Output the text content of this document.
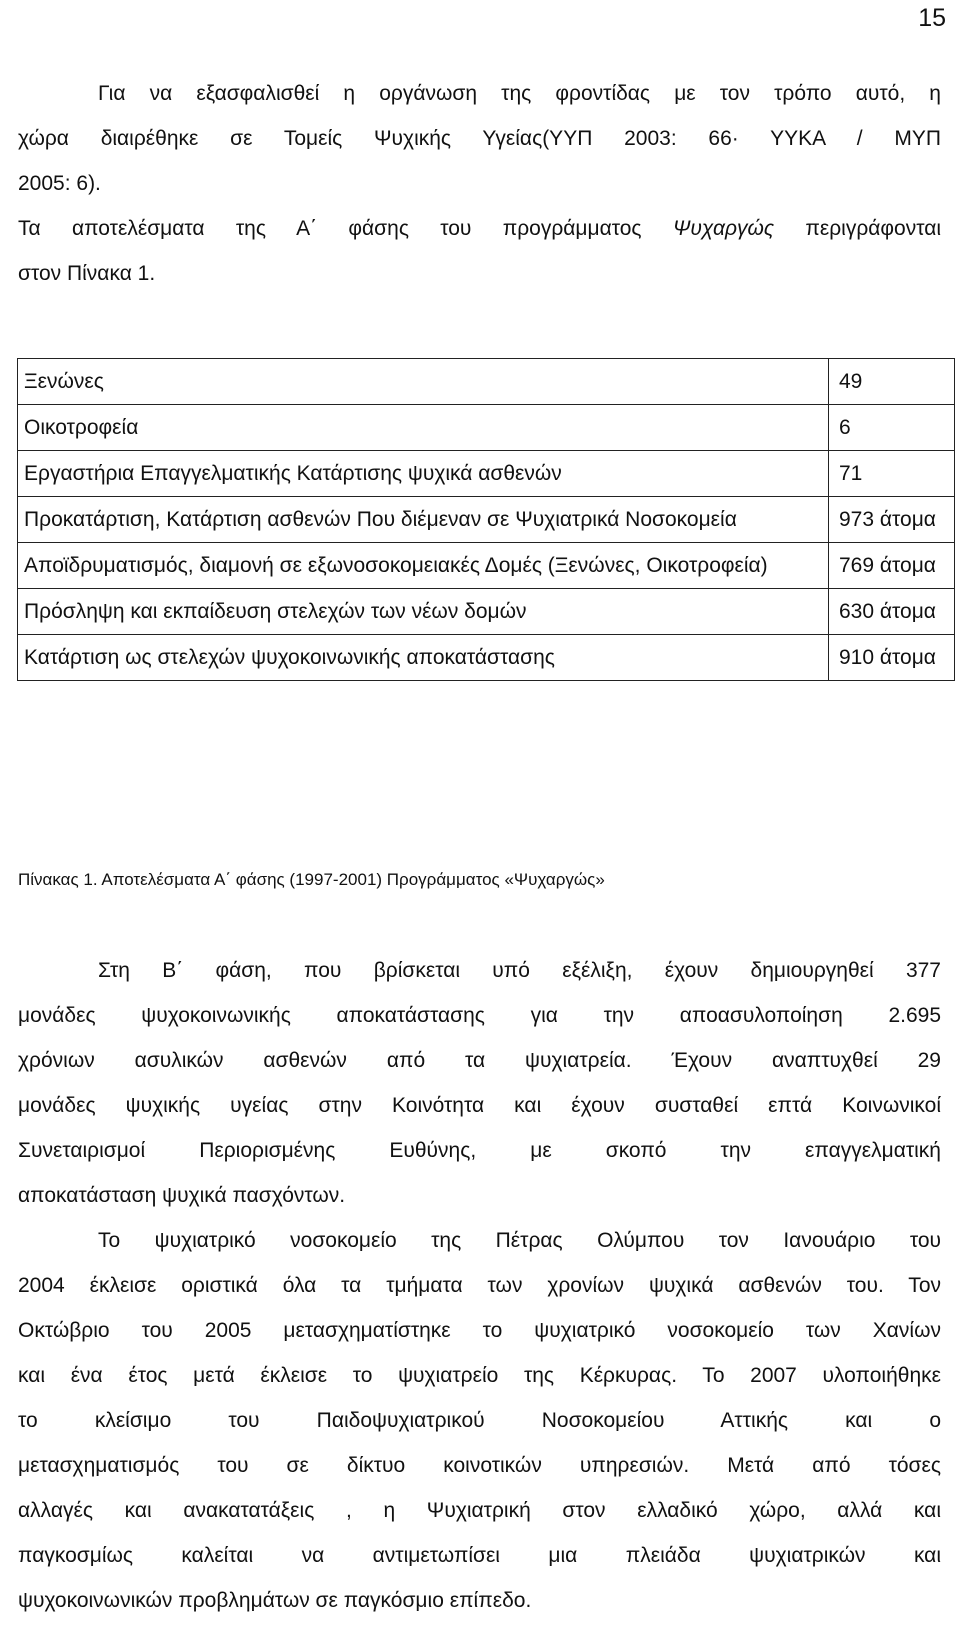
15
Για να εξασφαλισθεί η οργάνωση της φροντίδας με τον τρόπο αυτό, η
χώρα διαιρέθηκε σε Τομείς Ψυχικής Υγείας(ΥΥΠ 2003: 66· ΥΥΚΑ / ΜΥΠ
2005: 6).
Τα αποτελέσματα της Α΄ φάσης του προγράμματος Ψυχαργώς περιγράφονται
στον Πίνακα 1.
Ξενώνες	49
Οικοτροφεία	6
Εργαστήρια Επαγγελματικής Κατάρτισης ψυχικά ασθενών	71
Προκατάρτιση, Κατάρτιση ασθενών Που διέμεναν σε Ψυχιατρικά Νοσοκομεία	973 άτομα
Αποϊδρυματισμός, διαμονή σε εξωνοσοκομειακές Δομές (Ξενώνες, Οικοτροφεία)	769 άτομα
Πρόσληψη και εκπαίδευση στελεχών των νέων δομών	630 άτομα
Κατάρτιση ως στελεχών ψυχοκοινωνικής αποκατάστασης	910 άτομα
Πίνακας 1. Αποτελέσματα Α΄ φάσης (1997-2001) Προγράμματος «Ψυχαργώς»
Στη Β΄ φάση, που βρίσκεται υπό εξέλιξη, έχουν δημιουργηθεί 377
μονάδες ψυχοκοινωνικής αποκατάστασης για την αποασυλοποίηση 2.695
χρόνιων ασυλικών ασθενών από τα ψυχιατρεία. Έχουν αναπτυχθεί 29
μονάδες ψυχικής υγείας στην Κοινότητα και έχουν συσταθεί επτά Κοινωνικοί
Συνεταιρισμοί Περιορισμένης Ευθύνης, με σκοπό την επαγγελματική
αποκατάσταση ψυχικά πασχόντων.
Το ψυχιατρικό νοσοκομείο της Πέτρας Ολύμπου τον Ιανουάριο του
2004 έκλεισε οριστικά όλα τα τμήματα των χρονίων ψυχικά ασθενών του. Τον
Οκτώβριο του 2005 μετασχηματίστηκε το ψυχιατρικό νοσοκομείο των Χανίων
και ένα έτος μετά έκλεισε το ψυχιατρείο της Κέρκυρας. Το 2007 υλοποιήθηκε
το κλείσιμο του Παιδοψυχιατρικού Νοσοκομείου Αττικής και ο
μετασχηματισμός του σε δίκτυο κοινοτικών υπηρεσιών. Μετά από τόσες
αλλαγές και ανακατατάξεις , η Ψυχιατρική στον ελλαδικό χώρο, αλλά και
παγκοσμίως καλείται να αντιμετωπίσει μια πλειάδα ψυχιατρικών και
ψυχοκοινωνικών προβλημάτων σε παγκόσμιο επίπεδο.
